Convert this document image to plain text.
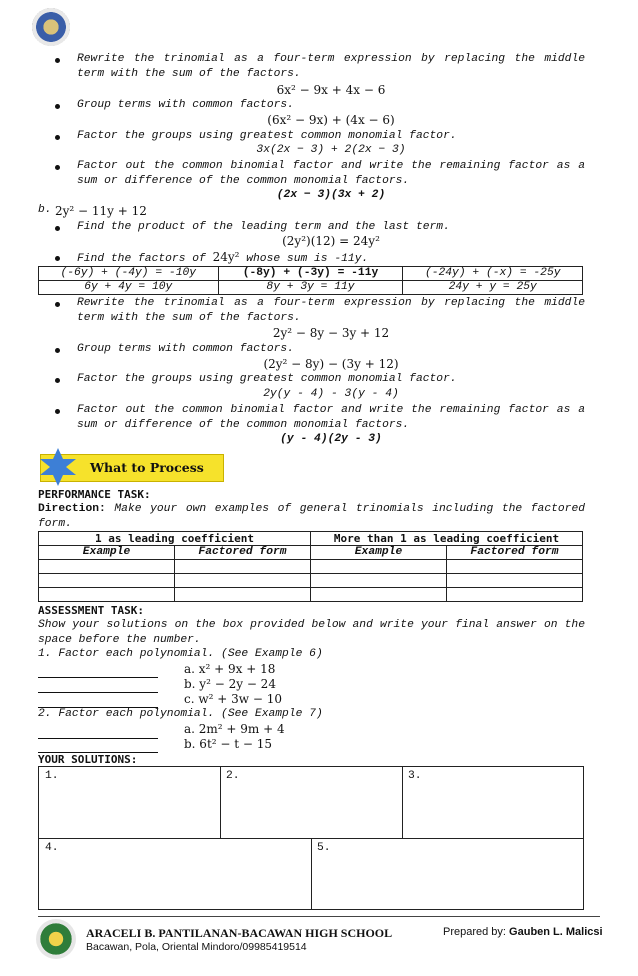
Rewrite the trinomial as a four-term expression by replacing the middle term with the sum of the factors.
6x² − 9x + 4x − 6
Group terms with common factors.
(6x² − 9x) + (4x − 6)
Factor the groups using greatest common monomial factor.
3x(2x − 3) + 2(2x − 3)
Factor out the common binomial factor and write the remaining factor as a sum or difference of the common monomial factors.
(2x − 3)(3x + 2)
b. 2y² − 11y + 12
Find the product of the leading term and the last term.
(2y²)(12) = 24y²
Find the factors of 24y² whose sum is -11y.
(-6y) + (-4y) = -10y	(-8y) + (-3y) = -11y	(-24y) + (-x) = -25y
6y + 4y = 10y	8y + 3y = 11y	24y + y = 25y
Rewrite the trinomial as a four-term expression by replacing the middle term with the sum of the factors.
2y² − 8y − 3y + 12
Group terms with common factors.
(2y² − 8y) − (3y + 12)
Factor the groups using greatest common monomial factor.
2y(y - 4) - 3(y - 4)
Factor out the common binomial factor and write the remaining factor as a sum or difference of the common monomial factors.
(y - 4)(2y - 3)
What to Process
PERFORMANCE TASK:
Direction: Make your own examples of general trinomials including the factored form.
1 as leading coefficient		More than 1 as leading coefficient	
Example	Factored form	Example	Factored form

ASSESSMENT TASK:
Show your solutions on the box provided below and write your final answer on the space before the number.
1. Factor each polynomial. (See Example 6)
a. x² + 9x + 18
b. y² − 2y − 24
c. w² + 3w − 10
2. Factor each polynomial. (See Example 7)
a. 2m² + 9m + 4
b. 6t² − t − 15
YOUR SOLUTIONS:
1.	2.	3.
4.	5.
ARACELI B. PANTILANAN-BACAWAN HIGH SCHOOL
Bacawan, Pola, Oriental Mindoro/09985419514
Prepared by: Gauben L. Malicsi
